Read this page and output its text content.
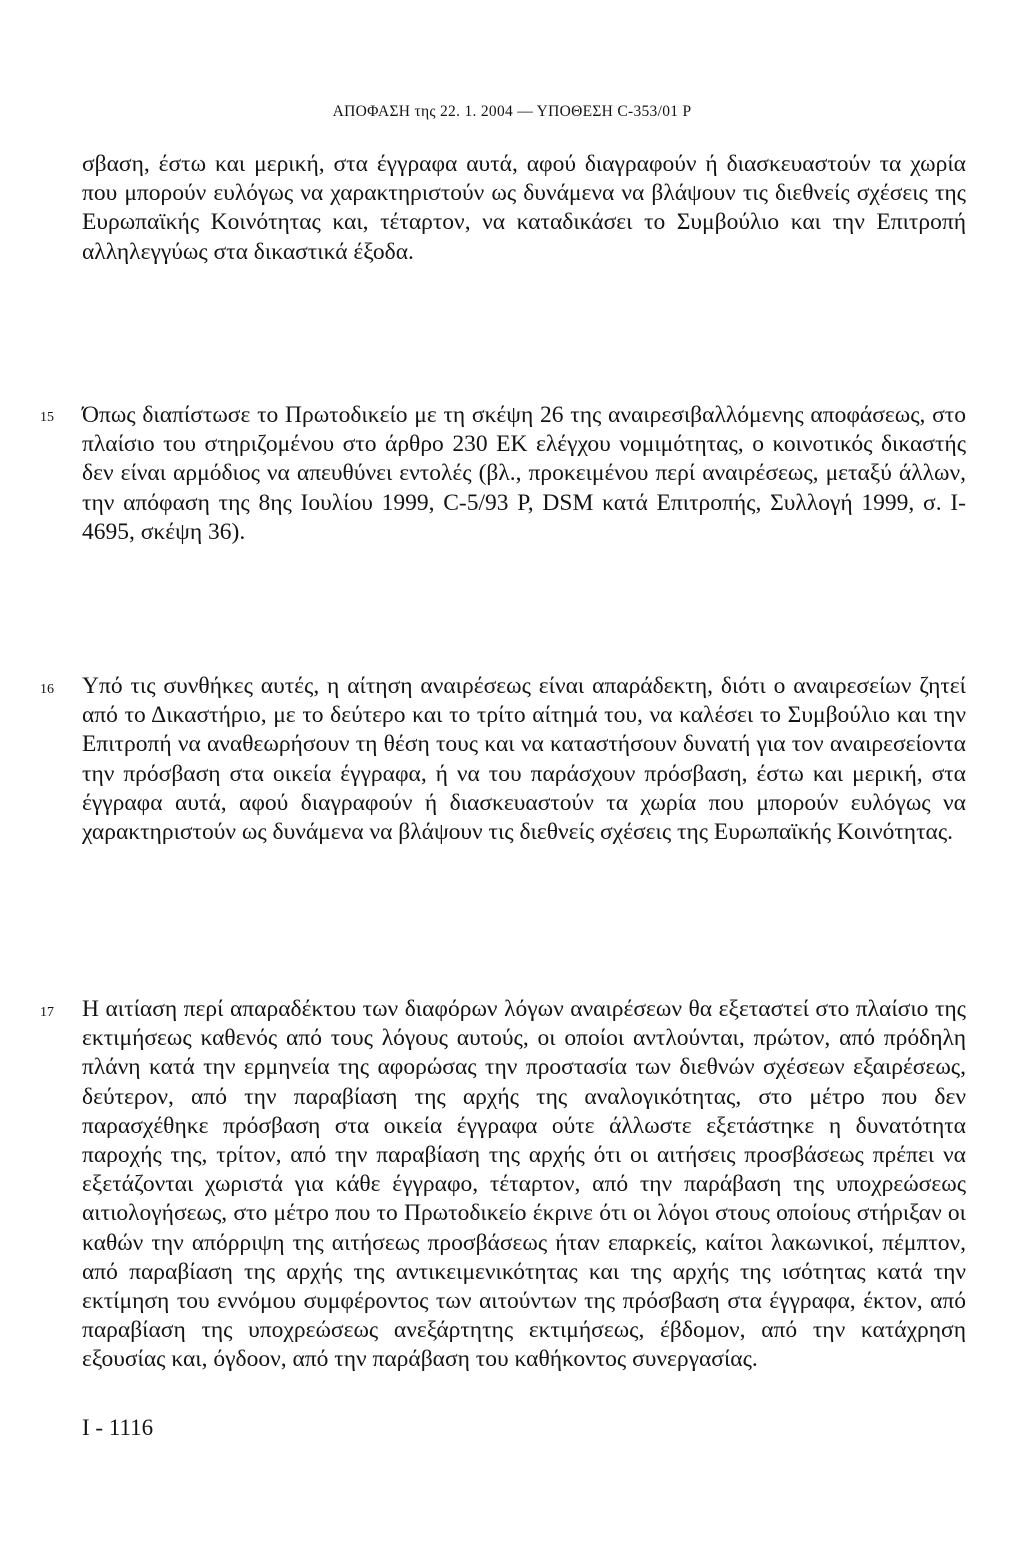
ΑΠΟΦΑΣΗ της 22. 1. 2004 — ΥΠΟΘΕΣΗ C-353/01 P

σβαση, έστω και μερική, στα έγγραφα αυτά, αφού διαγραφούν ή διασκευαστούν τα χωρία που μπορούν ευλόγως να χαρακτηριστούν ως δυνάμενα να βλάψουν τις διεθνείς σχέσεις της Ευρωπαϊκής Κοινότητας και, τέταρτον, να καταδικάσει το Συμβούλιο και την Επιτροπή αλληλεγγύως στα δικαστικά έξοδα.

15 Όπως διαπίστωσε το Πρωτοδικείο με τη σκέψη 26 της αναιρεσιβαλλόμενης αποφάσεως, στο πλαίσιο του στηριζομένου στο άρθρο 230 ΕΚ ελέγχου νομιμότητας, ο κοινοτικός δικαστής δεν είναι αρμόδιος να απευθύνει εντολές (βλ., προκειμένου περί αναιρέσεως, μεταξύ άλλων, την απόφαση της 8ης Ιουλίου 1999, C-5/93 P, DSM κατά Επιτροπής, Συλλογή 1999, σ. I-4695, σκέψη 36).

16 Υπό τις συνθήκες αυτές, η αίτηση αναιρέσεως είναι απαράδεκτη, διότι ο αναιρεσείων ζητεί από το Δικαστήριο, με το δεύτερο και το τρίτο αίτημά του, να καλέσει το Συμβούλιο και την Επιτροπή να αναθεωρήσουν τη θέση τους και να καταστήσουν δυνατή για τον αναιρεσείοντα την πρόσβαση στα οικεία έγγραφα, ή να του παράσχουν πρόσβαση, έστω και μερική, στα έγγραφα αυτά, αφού διαγραφούν ή διασκευαστούν τα χωρία που μπορούν ευλόγως να χαρακτηριστούν ως δυνάμενα να βλάψουν τις διεθνείς σχέσεις της Ευρωπαϊκής Κοινότητας.

17 Η αιτίαση περί απαραδέκτου των διαφόρων λόγων αναιρέσεων θα εξεταστεί στο πλαίσιο της εκτιμήσεως καθενός από τους λόγους αυτούς, οι οποίοι αντλούνται, πρώτον, από πρόδηλη πλάνη κατά την ερμηνεία της αφορώσας την προστασία των διεθνών σχέσεων εξαιρέσεως, δεύτερον, από την παραβίαση της αρχής της αναλογικότητας, στο μέτρο που δεν παρασχέθηκε πρόσβαση στα οικεία έγγραφα ούτε άλλωστε εξετάστηκε η δυνατότητα παροχής της, τρίτον, από την παραβίαση της αρχής ότι οι αιτήσεις προσβάσεως πρέπει να εξετάζονται χωριστά για κάθε έγγραφο, τέταρτον, από την παράβαση της υποχρεώσεως αιτιολογήσεως, στο μέτρο που το Πρωτοδικείο έκρινε ότι οι λόγοι στους οποίους στήριξαν οι καθών την απόρριψη της αιτήσεως προσβάσεως ήταν επαρκείς, καίτοι λακωνικοί, πέμπτον, από παραβίαση της αρχής της αντικειμενικότητας και της αρχής της ισότητας κατά την εκτίμηση του εννόμου συμφέροντος των αιτούντων της πρόσβαση στα έγγραφα, έκτον, από παραβίαση της υποχρεώσεως ανεξάρτητης εκτιμήσεως, έβδομον, από την κατάχρηση εξουσίας και, όγδοον, από την παράβαση του καθήκοντος συνεργασίας.

I - 1116
